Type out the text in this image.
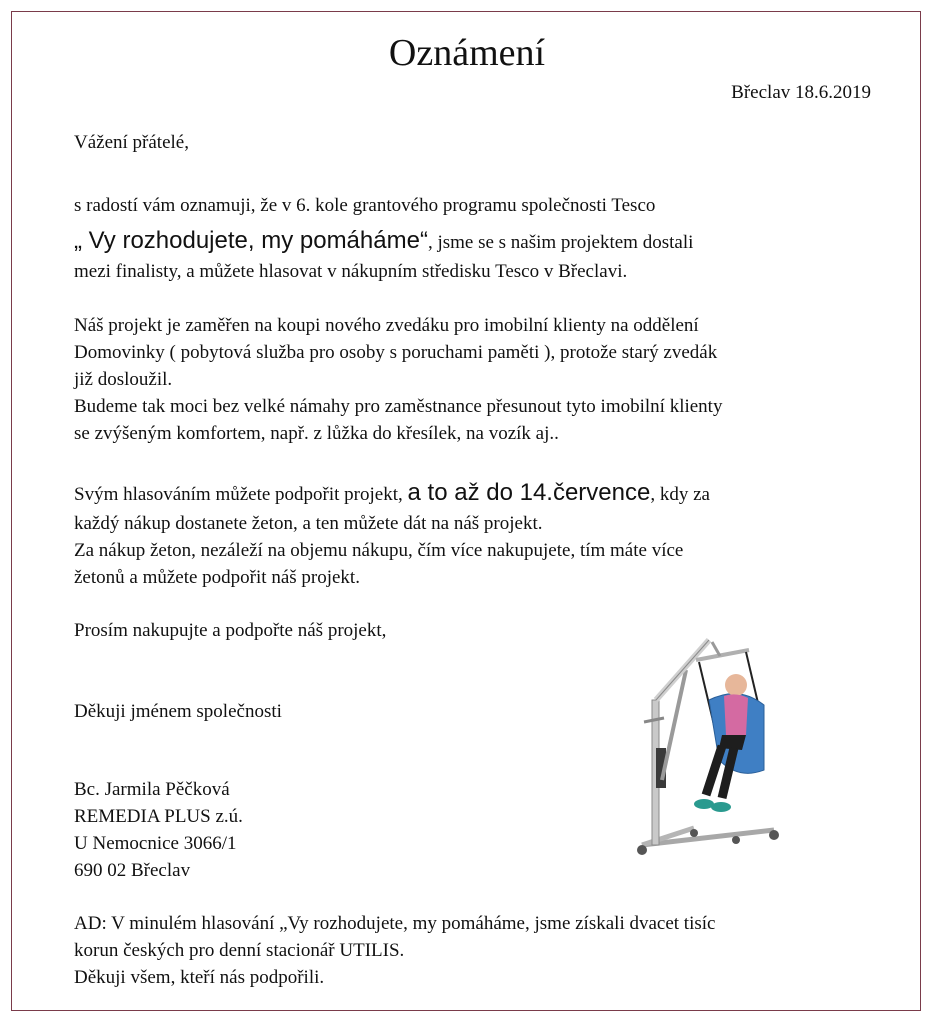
Oznámení
Břeclav 18.6.2019
Vážení přátelé,
s radostí vám oznamuji, že v 6. kole grantového programu společnosti Tesco
„ Vy rozhodujete, my pomáháme“, jsme se s našim projektem dostali
mezi finalisty, a můžete hlasovat v nákupním středisku Tesco v Břeclavi.
Náš projekt je zaměřen na koupi nového zvedáku pro imobilní klienty na oddělení
Domovinky ( pobytová služba pro osoby s poruchami paměti ), protože starý zvedák
již dosloužil.
Budeme tak moci bez velké námahy pro zaměstnance přesunout tyto imobilní klienty
se zvýšeným komfortem, např. z lůžka do křesílek, na vozík aj..
Svým hlasováním můžete podpořit projekt, a to až do 14.července, kdy za
každý nákup dostanete žeton, a ten můžete dát na náš projekt.
Za nákup žeton, nezáleží na objemu nákupu, čím více nakupujete, tím máte více
žetonů a můžete podpořit náš projekt.
Prosím nakupujte a podpořte náš projekt,
Děkuji jménem společnosti
Bc. Jarmila Pěčková
REMEDIA PLUS z.ú.
U Nemocnice 3066/1
690 02 Břeclav
AD: V minulém hlasování „Vy rozhodujete, my pomáháme, jsme získali dvacet tisíc
korun českých pro denní stacionář UTILIS.
Děkuji všem, kteří nás podpořili.
